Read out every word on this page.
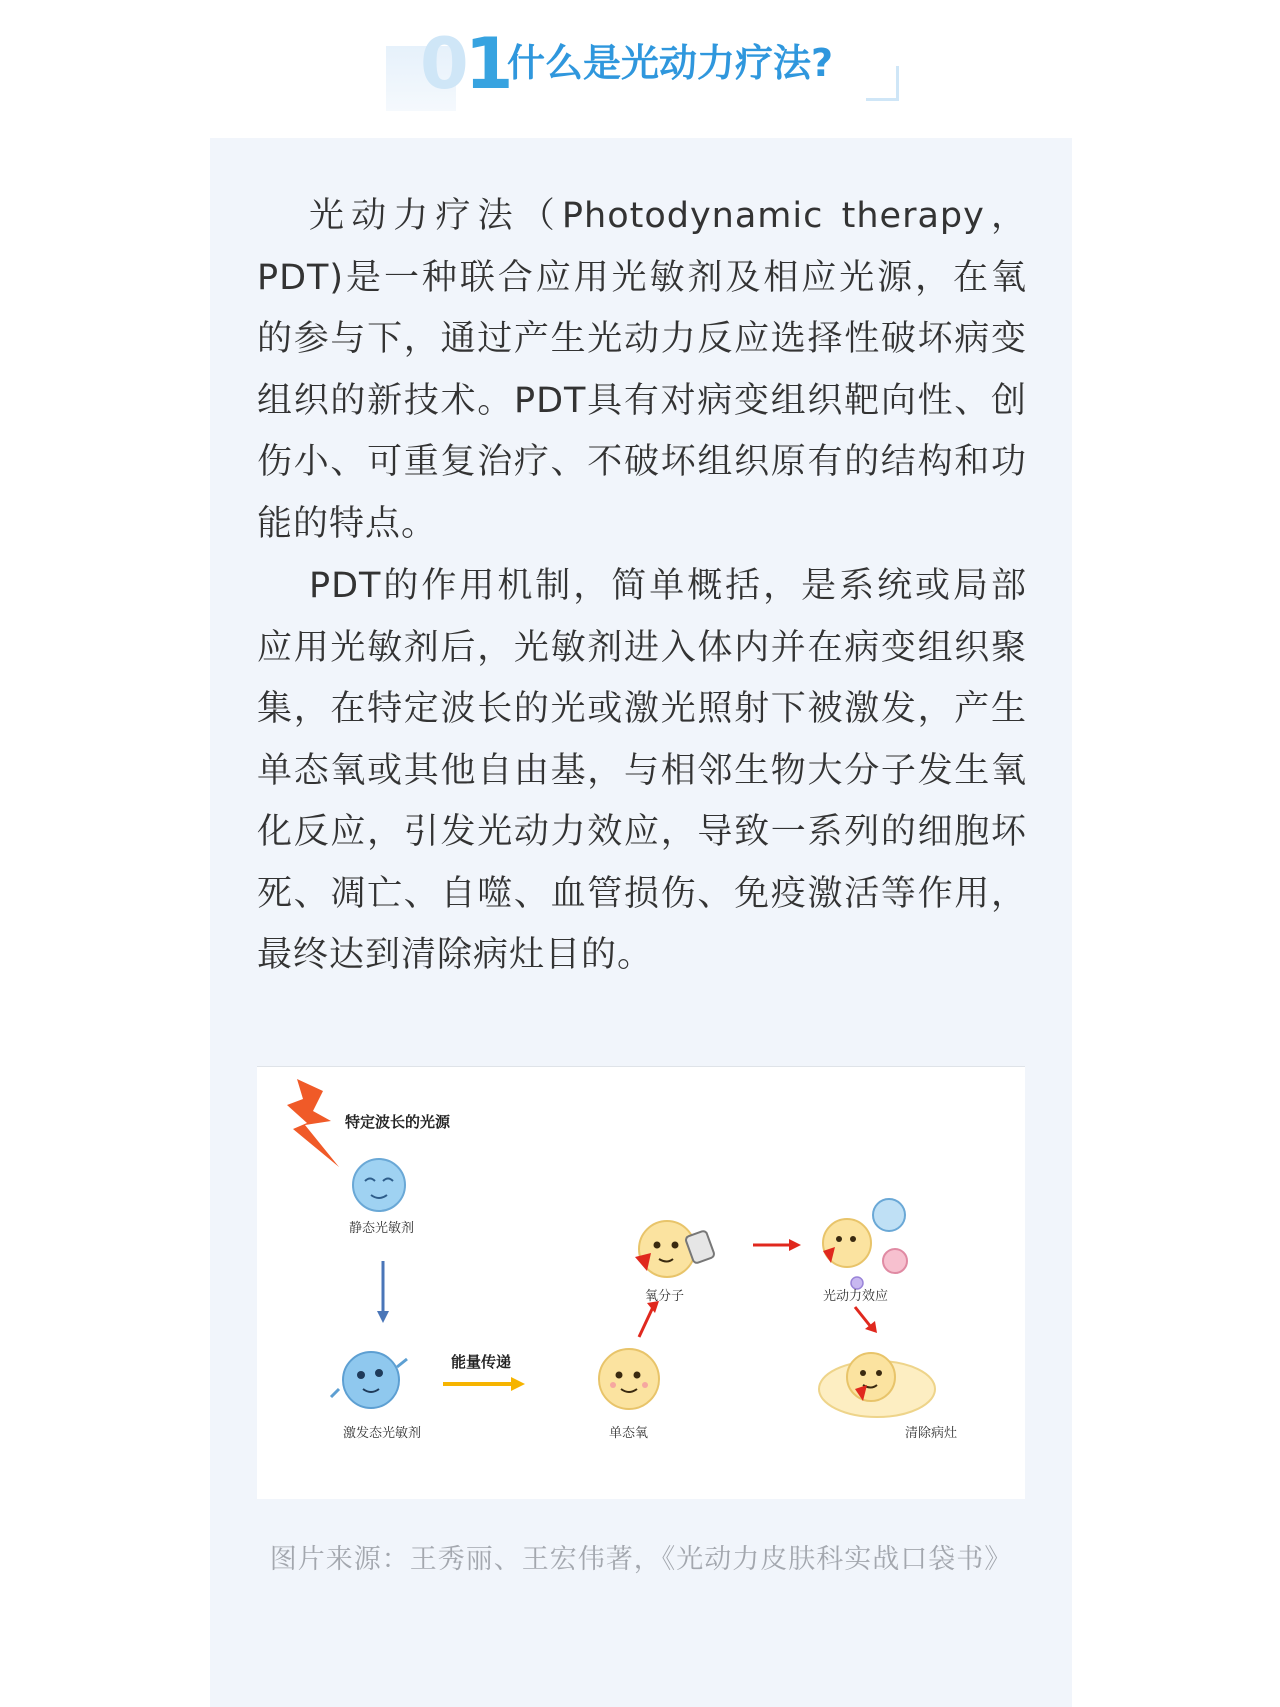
01
什么是光动力疗法?

光动力疗法（Photodynamic therapy，PDT)是一种联合应用光敏剂及相应光源，在氧的参与下，通过产生光动力反应选择性破坏病变组织的新技术。PDT具有对病变组织靶向性、创伤小、可重复治疗、不破坏组织原有的结构和功能的特点。

PDT的作用机制，简单概括，是系统或局部应用光敏剂后，光敏剂进入体内并在病变组织聚集，在特定波长的光或激光照射下被激发，产生单态氧或其他自由基，与相邻生物大分子发生氧化反应，引发光动力效应，导致一系列的细胞坏死、凋亡、自噬、血管损伤、免疫激活等作用，最终达到清除病灶目的。

特定波长的光源
静态光敏剂
能量传递
激发态光敏剂	单态氧
氧分子	光动力效应
清除病灶
图片来源：王秀丽、王宏伟著，《光动力皮肤科实战口袋书》
